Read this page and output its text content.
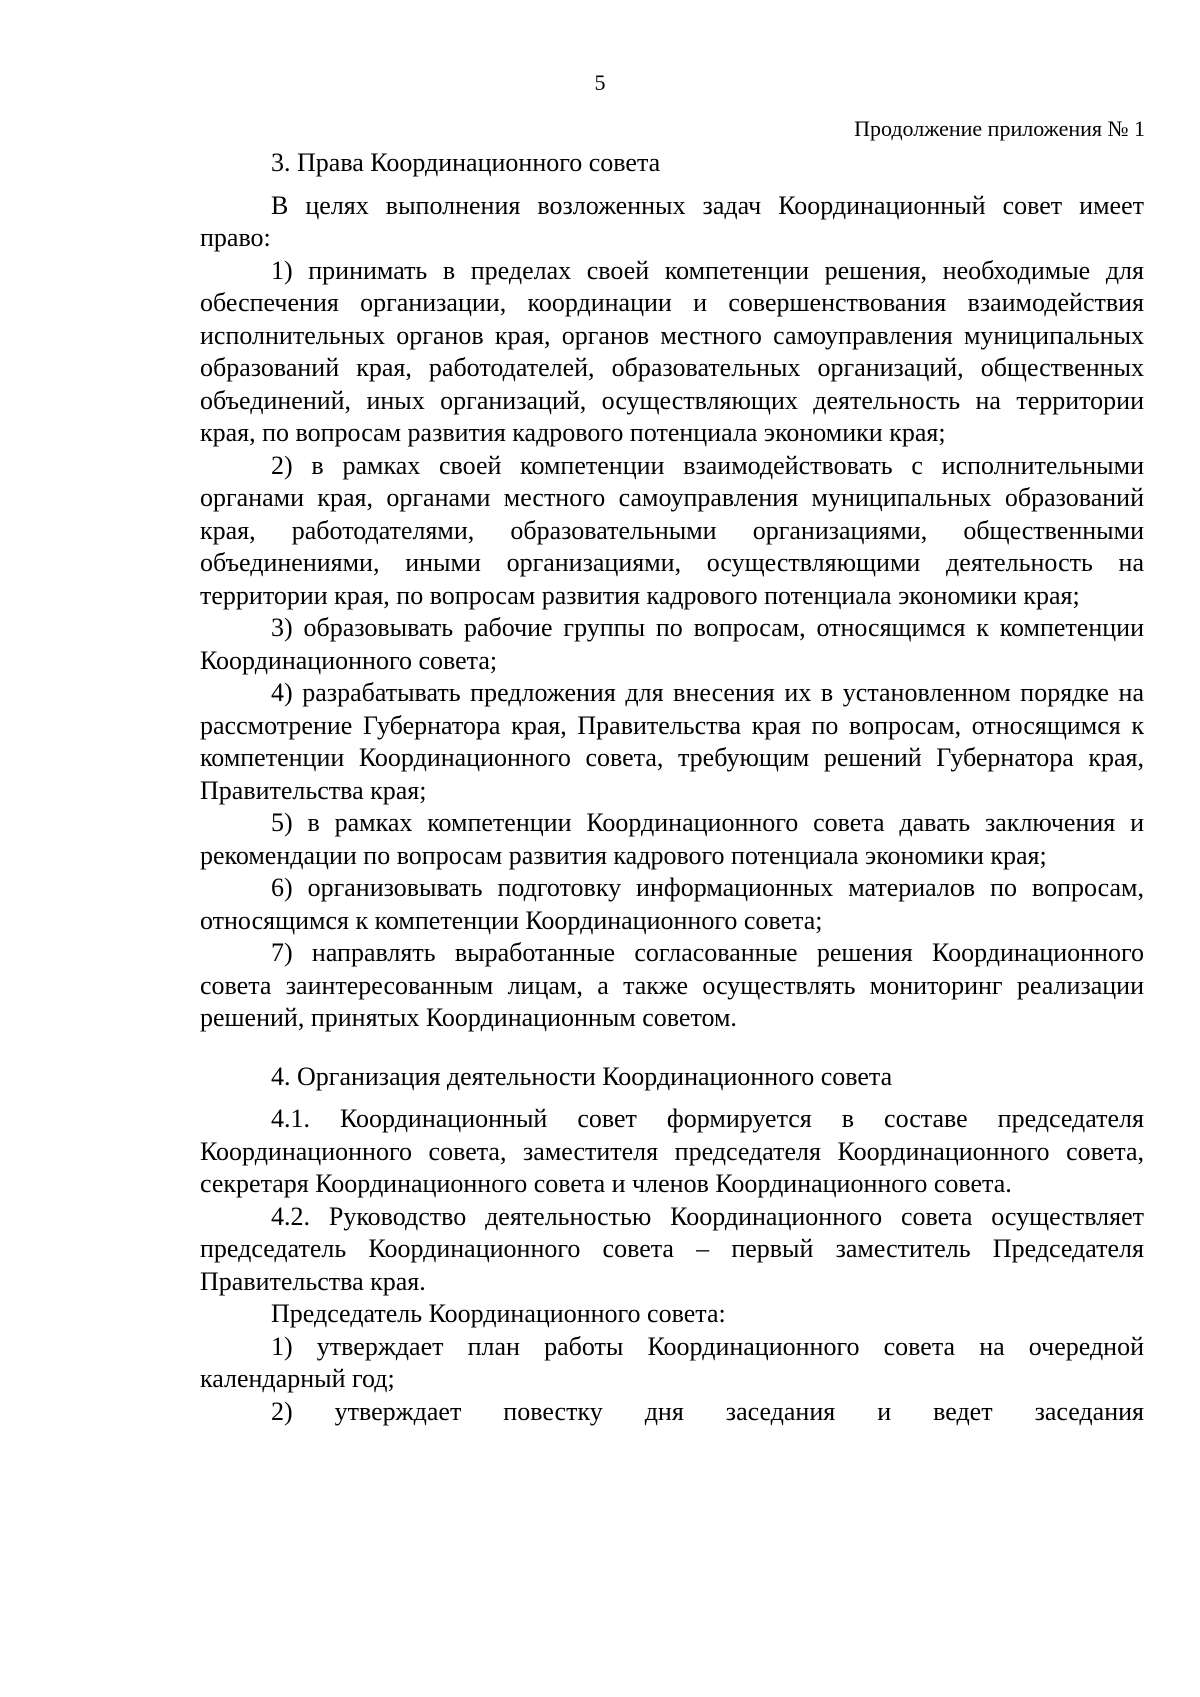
5
Продолжение приложения № 1

3. Права Координационного совета

В целях выполнения возложенных задач Координационный совет имеет право:

1) принимать в пределах своей компетенции решения, необходимые для обеспечения организации, координации и совершенствования взаимодействия исполнительных органов края, органов местного самоуправления муниципальных образований края, работодателей, образовательных организаций, общественных объединений, иных организаций, осуществляющих деятельность на территории края, по вопросам развития кадрового потенциала экономики края;

2) в рамках своей компетенции взаимодействовать с исполнительными органами края, органами местного самоуправления муниципальных образований края, работодателями, образовательными организациями, общественными объединениями, иными организациями, осуществляющими деятельность на территории края, по вопросам развития кадрового потенциала экономики края;

3) образовывать рабочие группы по вопросам, относящимся к компетенции Координационного совета;

4) разрабатывать предложения для внесения их в установленном порядке на рассмотрение Губернатора края, Правительства края по вопросам, относящимся к компетенции Координационного совета, требующим решений Губернатора края, Правительства края;

5) в рамках компетенции Координационного совета давать заключения и рекомендации по вопросам развития кадрового потенциала экономики края;

6) организовывать подготовку информационных материалов по вопросам, относящимся к компетенции Координационного совета;

7) направлять выработанные согласованные решения Координационного совета заинтересованным лицам, а также осуществлять мониторинг реализации решений, принятых Координационным советом.

4. Организация деятельности Координационного совета

4.1. Координационный совет формируется в составе председателя Координационного совета, заместителя председателя Координационного совета, секретаря Координационного совета и членов Координационного совета.

4.2. Руководство деятельностью Координационного совета осуществляет председатель Координационного совета – первый заместитель Председателя Правительства края.

Председатель Координационного совета:

1) утверждает план работы Координационного совета на очередной календарный год;

2) утверждает повестку дня заседания и ведет заседания
